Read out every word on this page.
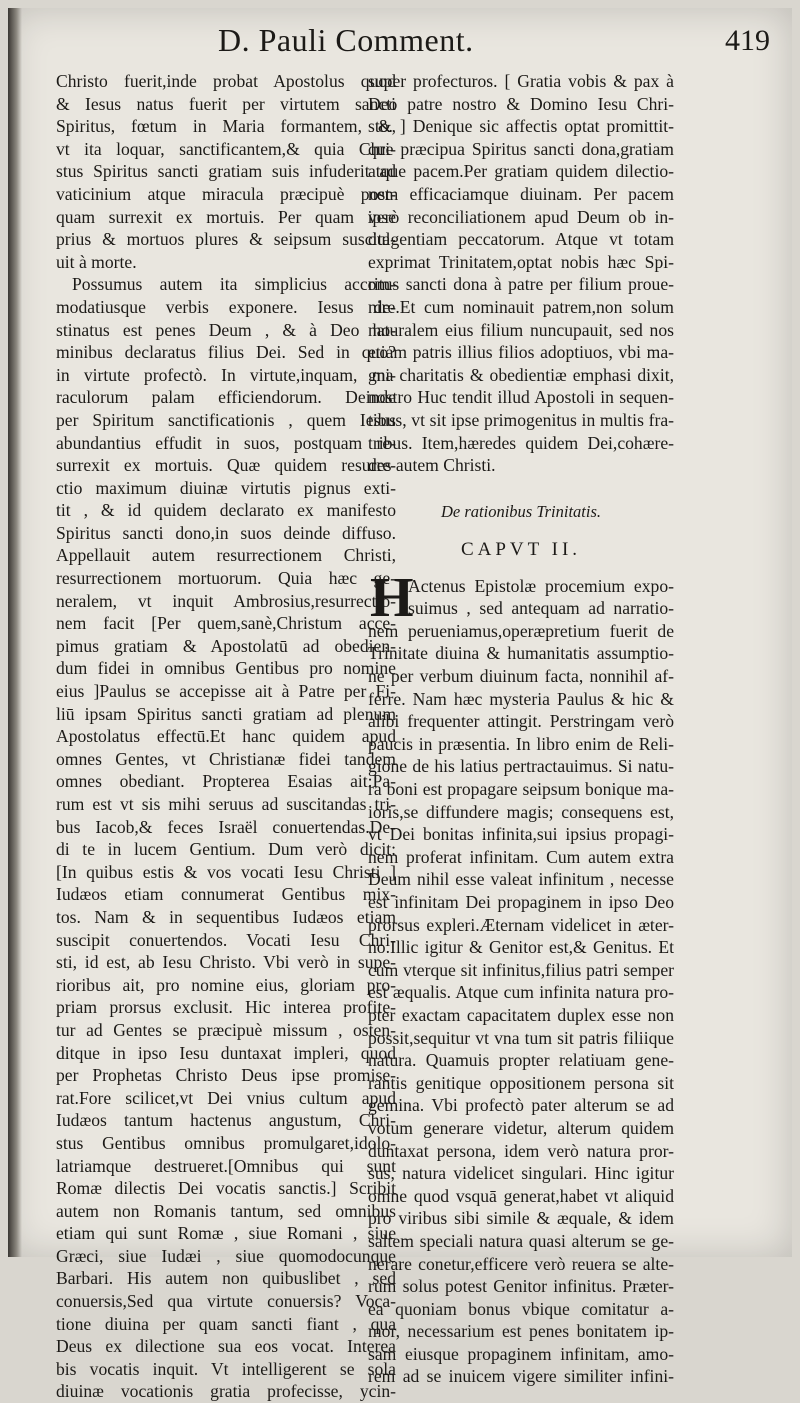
D. Pauli Comment.	419
Christo fuerit,inde probat Apostolus quod
& Iesus natus fuerit per virtutem sancti
Spiritus, fœtum in Maria formantem, &,
vt ita loquar, sanctificantem,& quia Chri-
stus Spiritus sancti gratiam suis infuderit ad
vaticinium atque miracula præcipuè post-
quam surrexit ex mortuis. Per quam ipse
prius & mortuos plures & seipsum suscita-
uit à morte.
Possumus autem ita simplicius accom-
modatiusque verbis exponere. Iesus de-
stinatus est penes Deum , & à Deo ho-
minibus declaratus filius Dei. Sed in quo?
in virtute profectò. In virtute,inquam, mi-
raculorum palam efficiendorum. Deinde
per Spiritum sanctificationis , quem Iesus
abundantius effudit in suos, postquam re-
surrexit ex mortuis. Quæ quidem resurre-
ctio maximum diuinæ virtutis pignus exti-
tit , & id quidem declarato ex manifesto
Spiritus sancti dono,in suos deinde diffuso.
Appellauit autem resurrectionem Christi,
resurrectionem mortuorum. Quia hæc ge-
neralem, vt inquit Ambrosius,resurrectio-
nem facit [Per quem,sanè,Christum acce-
pimus gratiam & Apostolatū ad obedien-
dum fidei in omnibus Gentibus pro nomine
eius ]Paulus se accepisse ait à Patre per Fi-
liū ipsam Spiritus sancti gratiam ad plenum
Apostolatus effectū.Et hanc quidem apud
omnes Gentes, vt Christianæ fidei tandem
omnes obediant. Propterea Esaias ait:Pa-
rum est vt sis mihi seruus ad suscitandas tri-
bus Iacob,& feces Israël conuertendas.De-
di te in lucem Gentium. Dum verò dicit:
[In quibus estis & vos vocati Iesu Christi ]
Iudæos etiam connumerat Gentibus mix-
tos. Nam & in sequentibus Iudæos etiam
suscipit conuertendos. Vocati Iesu Chri-
sti, id est, ab Iesu Christo. Vbi verò in supe-
rioribus ait, pro nomine eius, gloriam pro-
priam prorsus exclusit. Hic interea profite-
tur ad Gentes se præcipuè missum , osten-
ditque in ipso Iesu duntaxat impleri, quod
per Prophetas Christo Deus ipse promise-
rat.Fore scilicet,vt Dei vnius cultum apud
Iudæos tantum hactenus angustum, Chri-
stus Gentibus omnibus promulgaret,idolo-
latriamque destrueret.[Omnibus qui sunt
Romæ dilectis Dei vocatis sanctis.] Scribit
autem non Romanis tantum, sed omnibus
etiam qui sunt Romæ , siue Romani , siue
Græci, siue Iudæi , siue quomodocunque
Barbari. His autem non quibuslibet , sed
conuersis,Sed qua virtute conuersis? Voca-
tione diuina per quam sancti fiant , qua
Deus ex dilectione sua eos vocat. Interea
bis vocatis inquit. Vt intelligerent se sola
diuinæ vocationis gratia profecisse, ycin-
super profecturos. [ Gratia vobis & pax à
Deo patre nostro & Domino Iesu Chri-
sto. ] Denique sic affectis optat promittit-
que præcipua Spiritus sancti dona,gratiam
atque pacem.Per gratiam quidem dilectio-
nem efficaciamque diuinam. Per pacem
verò reconciliationem apud Deum ob in-
dulgentiam peccatorum. Atque vt totam
exprimat Trinitatem,optat nobis hæc Spi-
ritus sancti dona à patre per filium proue-
nire.Et cum nominauit patrem,non solum
naturalem eius filium nuncupauit, sed nos
etiam patris illius filios adoptiuos, vbi ma-
gna charitatis & obedientiæ emphasi dixit,
nostro Huc tendit illud Apostoli in sequen-
tibus, vt sit ipse primogenitus in multis fra-
tribus. Item,hæredes quidem Dei,cohære-
des autem Christi.
De rationibus Trinitatis.
CAPVT II.
H
Actenus Epistolæ procemium expo-
suimus , sed antequam ad narratio-
nem perueniamus,operæpretium fuerit de
Trinitate diuina & humanitatis assumptio-
ne per verbum diuinum facta, nonnihil af-
ferre. Nam hæc mysteria Paulus & hic &
alibi frequenter attingit. Perstringam verò
paucis in præsentia. In libro enim de Reli-
gione de his latius pertractauimus. Si natu-
ra boni est propagare seipsum bonique ma-
ioris,se diffundere magis; consequens est,
vt Dei bonitas infinita,sui ipsius propagi-
nem proferat infinitam. Cum autem extra
Deum nihil esse valeat infinitum , necesse
est infinitam Dei propaginem in ipso Deo
prorsus expleri.Æternam videlicet in æter-
no.Illic igitur & Genitor est,& Genitus. Et
cum vterque sit infinitus,filius patri semper
est æqualis. Atque cum infinita natura pro-
pter exactam capacitatem duplex esse non
possit,sequitur vt vna tum sit patris filiique
natura. Quamuis propter relatiuam gene-
rantis genitique oppositionem persona sit
gemina. Vbi profectò pater alterum se ad
votum generare videtur, alterum quidem
duntaxat persona, idem verò natura pror-
sus, natura videlicet singulari. Hinc igitur
omne quod vsquā generat,habet vt aliquid
pro viribus sibi simile & æquale, & idem
saltem speciali natura quasi alterum se ge-
nerare conetur,efficere verò reuera se alte-
rum solus potest Genitor infinitus. Præter-
ea quoniam bonus vbique comitatur a-
mor, necessarium est penes bonitatem ip-
sam eiusque propaginem infinitam, amo-
rem ad se inuicem vigere similiter infini-
